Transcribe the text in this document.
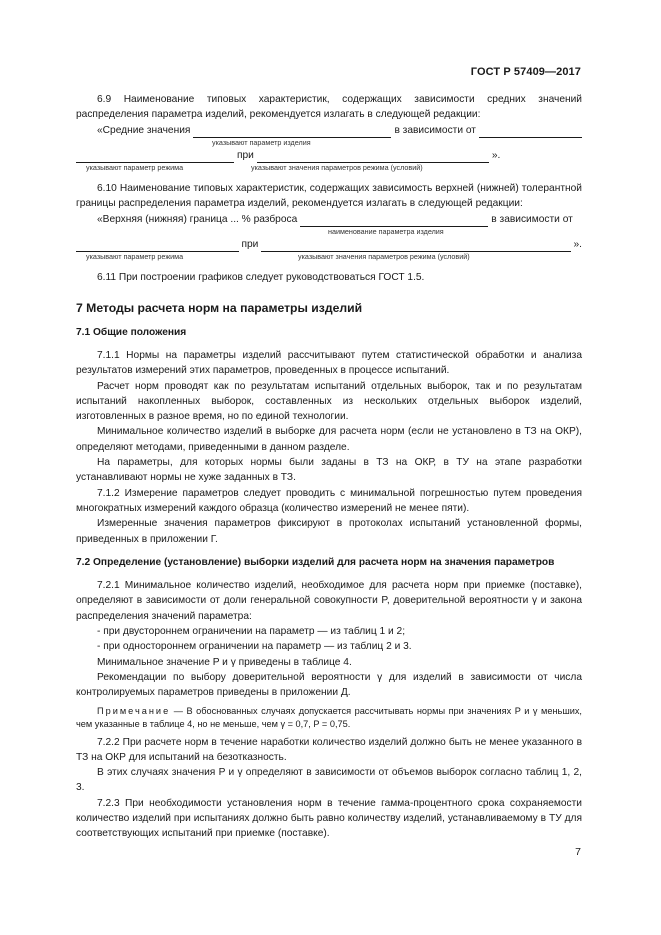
ГОСТ Р 57409—2017

6.9 Наименование типовых характеристик, содержащих зависимости средних значений распределения параметра изделий, рекомендуется излагать в следующей редакции:

«Средние значения	в зависимости от
указывают параметр изделия
при	».
указывают параметр режима	указывают значения параметров режима (условий)

6.10 Наименование типовых характеристик, содержащих зависимость верхней (нижней) толерантной границы распределения параметра изделий, рекомендуется излагать в следующей редакции:

«Верхняя (нижняя) граница ... % разброса	в зависимости от
наименование параметра изделия
при	».
указывают параметр режима	указывают значения параметров режима (условий)

6.11 При построении графиков следует руководствоваться ГОСТ 1.5.

7 Методы расчета норм на параметры изделий
7.1 Общие положения

7.1.1 Нормы на параметры изделий рассчитывают путем статистической обработки и анализа результатов измерений этих параметров, проведенных в процессе испытаний.

Расчет норм проводят как по результатам испытаний отдельных выборок, так и по результатам испытаний накопленных выборок, составленных из нескольких отдельных выборок изделий, изготовленных в разное время, но по единой технологии.

Минимальное количество изделий в выборке для расчета норм (если не установлено в ТЗ на ОКР), определяют методами, приведенными в данном разделе.

На параметры, для которых нормы были заданы в ТЗ на ОКР, в ТУ на этапе разработки устанавливают нормы не хуже заданных в ТЗ.

7.1.2 Измерение параметров следует проводить с минимальной погрешностью путем проведения многократных измерений каждого образца (количество измерений не менее пяти).

Измеренные значения параметров фиксируют в протоколах испытаний установленной формы, приведенных в приложении Г.

7.2 Определение (установление) выборки изделий для расчета норм на значения параметров

7.2.1 Минимальное количество изделий, необходимое для расчета норм при приемке (поставке), определяют в зависимости от доли генеральной совокупности P, доверительной вероятности γ и закона распределения значений параметра:

- при двустороннем ограничении на параметр — из таблиц 1 и 2;

- при одностороннем ограничении на параметр — из таблиц 2 и 3.

Минимальное значение P и γ приведены в таблице 4.

Рекомендации по выбору доверительной вероятности γ для изделий в зависимости от числа контролируемых параметров приведены в приложении Д.

Примечание — В обоснованных случаях допускается рассчитывать нормы при значениях P и γ меньших, чем указанные в таблице 4, но не меньше, чем γ = 0,7, P = 0,75.

7.2.2 При расчете норм в течение наработки количество изделий должно быть не менее указанного в ТЗ на ОКР для испытаний на безотказность.

В этих случаях значения P и γ определяют в зависимости от объемов выборок согласно таблиц 1, 2, 3.

7.2.3 При необходимости установления норм в течение гамма-процентного срока сохраняемости количество изделий при испытаниях должно быть равно количеству изделий, устанавливаемому в ТУ для соответствующих испытаний при приемке (поставке).

7
